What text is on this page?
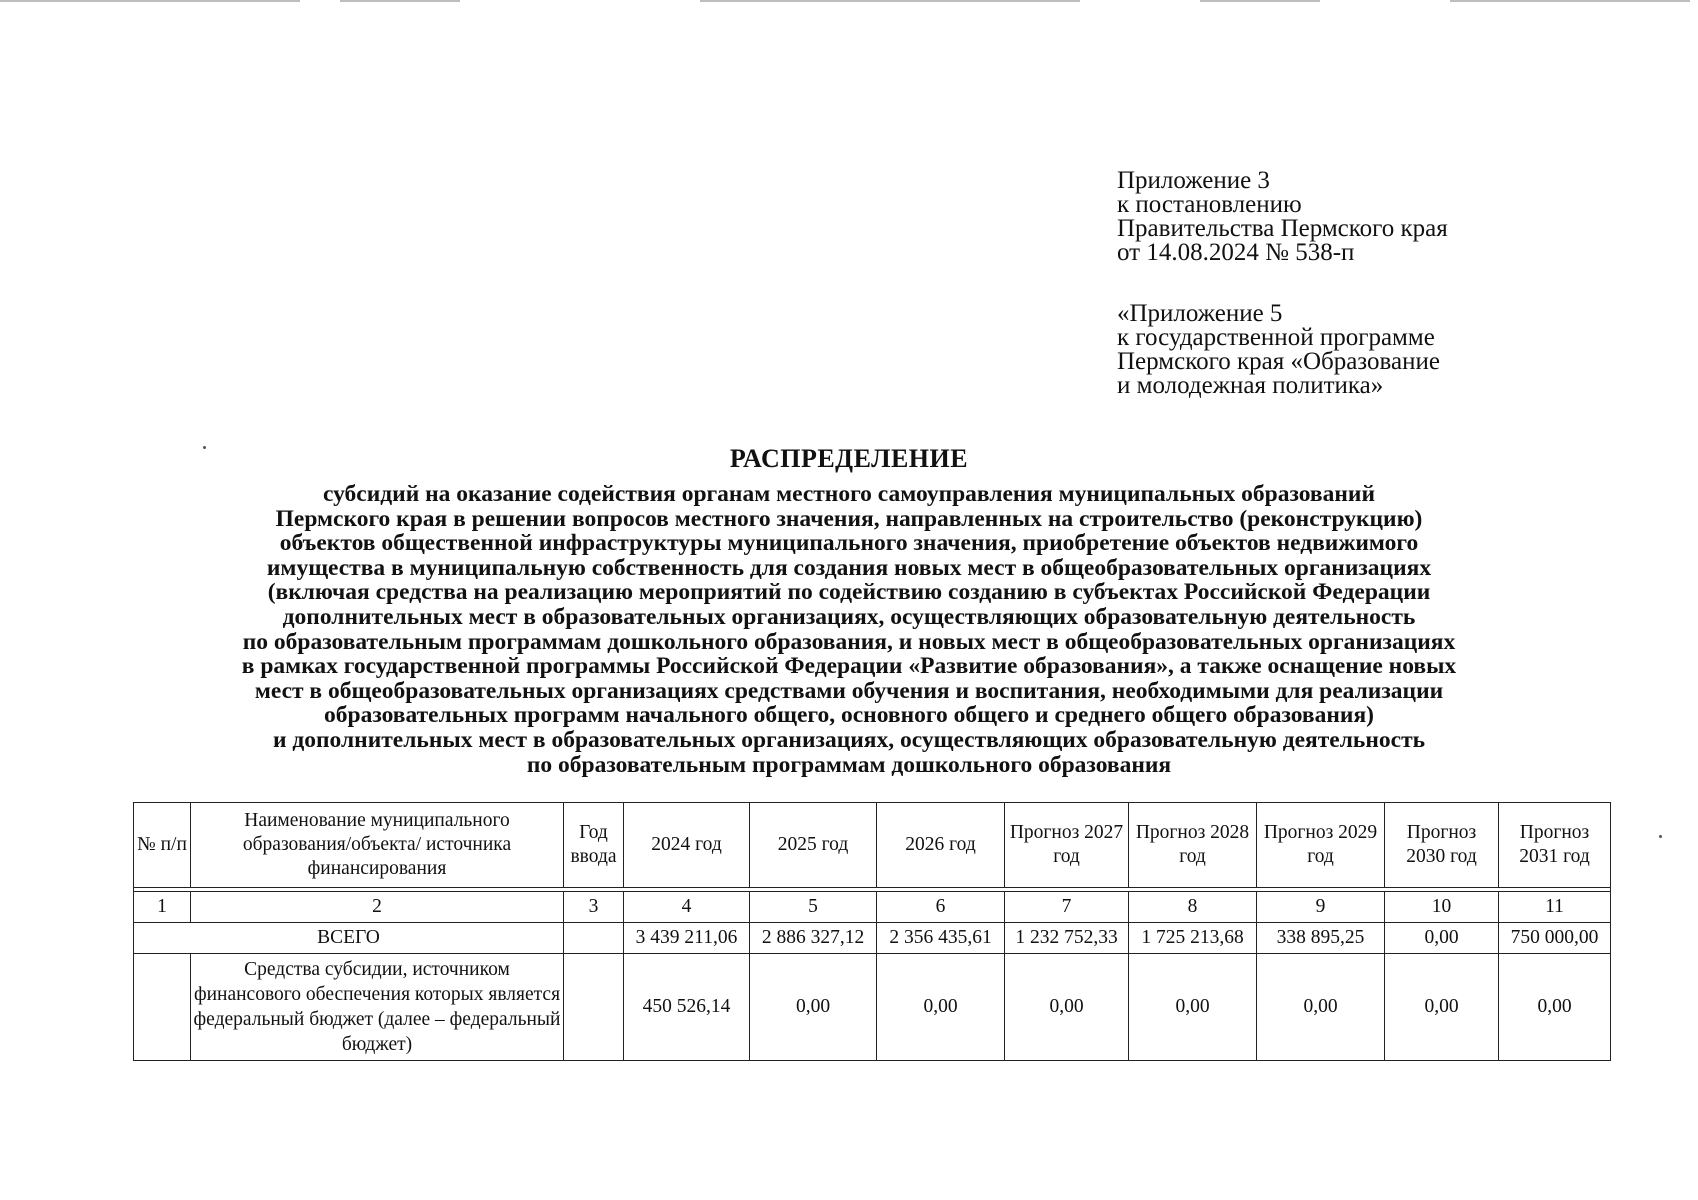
Приложение 3
к постановлению
Правительства Пермского края
от 14.08.2024 № 538-п
«Приложение 5
к государственной программе
Пермского края «Образование
и молодежная политика»
РАСПРЕДЕЛЕНИЕ
субсидий на оказание содействия органам местного самоуправления муниципальных образований
Пермского края в решении вопросов местного значения, направленных на строительство (реконструкцию)
объектов общественной инфраструктуры муниципального значения, приобретение объектов недвижимого
имущества в муниципальную собственность для создания новых мест в общеобразовательных организациях
(включая средства на реализацию мероприятий по содействию созданию в субъектах Российской Федерации
дополнительных мест в образовательных организациях, осуществляющих образовательную деятельность
по образовательным программам дошкольного образования, и новых мест в общеобразовательных организациях
в рамках государственной программы Российской Федерации «Развитие образования», а также оснащение новых
мест в общеобразовательных организациях средствами обучения и воспитания, необходимыми для реализации
образовательных программ начального общего, основного общего и среднего общего образования)
и дополнительных мест в образовательных организациях, осуществляющих образовательную деятельность
по образовательным программам дошкольного образования
№ п/п	Наименование муниципального образования/объекта/ источника финансирования	Год ввода	2024 год	2025 год	2026 год	Прогноз 2027 год	Прогноз 2028 год	Прогноз 2029 год	Прогноз 2030 год	Прогноз 2031 год

1	2	3	4	5	6	7	8	9	10	11
ВСЕГО			3 439 211,06	2 886 327,12	2 356 435,61	1 232 752,33	1 725 213,68	338 895,25	0,00	750 000,00
	Средства субсидии, источником финансового обеспечения которых является федеральный бюджет (далее – федеральный бюджет)		450 526,14	0,00	0,00	0,00	0,00	0,00	0,00	0,00
